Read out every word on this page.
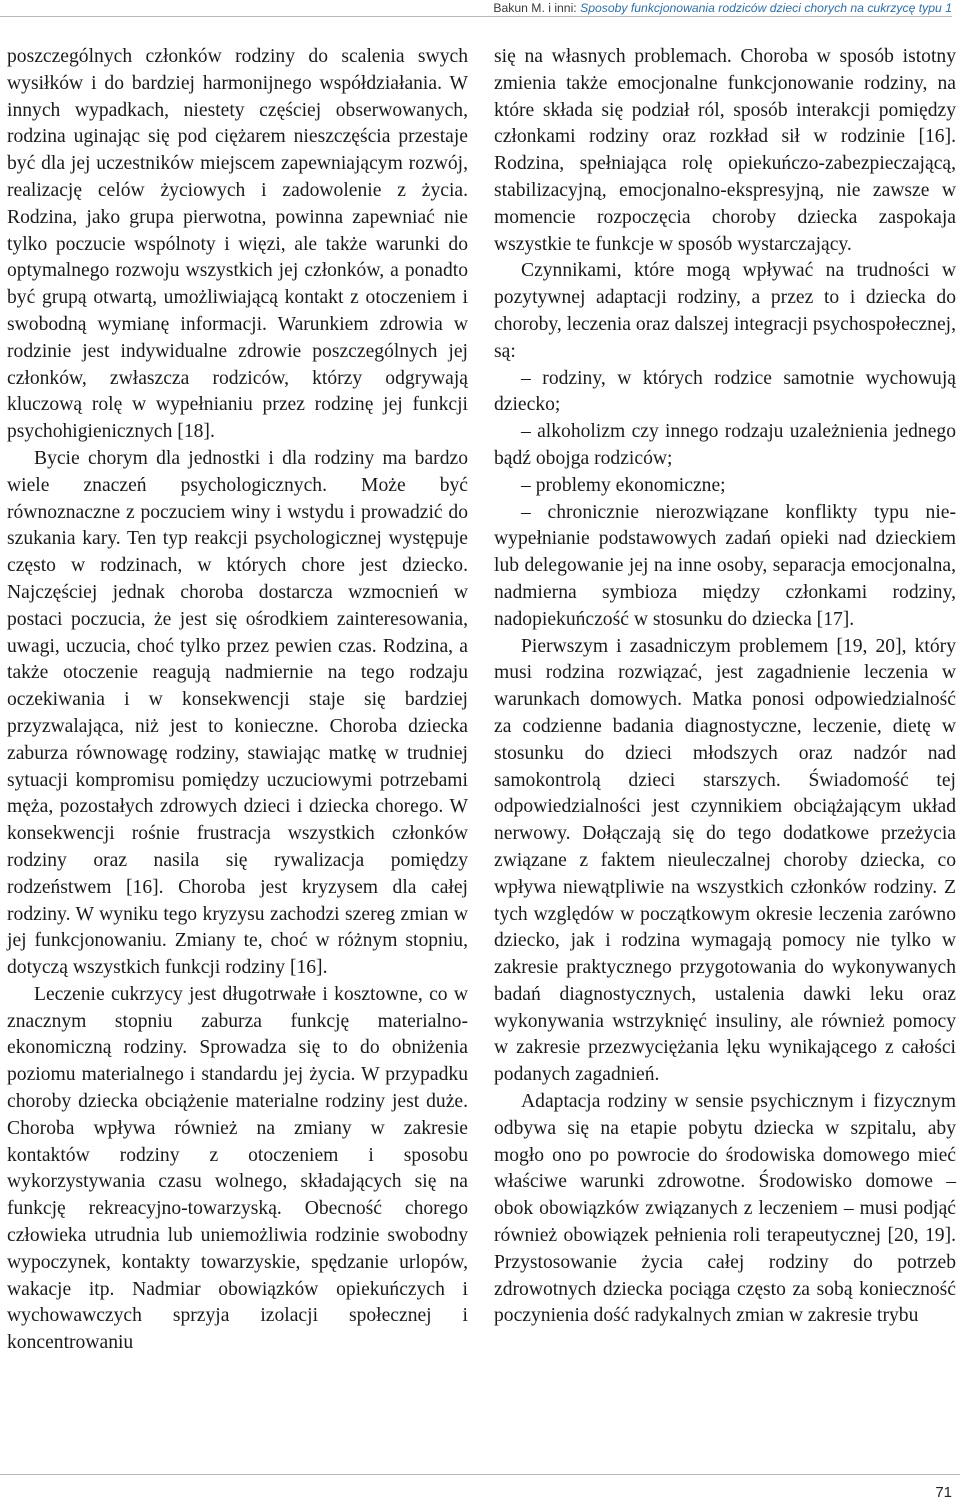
Bakun M. i inni: Sposoby funkcjonowania rodziców dzieci chorych na cukrzycę typu 1

poszczególnych członków rodziny do scalenia swych wysiłków i do bardziej harmonijnego współdziałania. W innych wypadkach, niestety częściej obserwowanych, rodzina uginając się pod ciężarem nieszczęścia przestaje być dla jej uczestników miejscem zapewniającym rozwój, realizację celów życiowych i zadowolenie z życia. Rodzina, jako grupa pierwotna, powinna zapewniać nie tylko poczucie wspólnoty i więzi, ale także warunki do optymalnego rozwoju wszystkich jej członków, a ponadto być grupą otwartą, umożliwiającą kontakt z otoczeniem i swobodną wymianę informacji. Warunkiem zdrowia w rodzinie jest indywidualne zdrowie poszczególnych jej członków, zwłaszcza rodziców, którzy odgrywają kluczową rolę w wypełnianiu przez rodzinę jej funkcji psychohigienicznych [18].

Bycie chorym dla jednostki i dla rodziny ma bardzo wiele znaczeń psychologicznych. Może być równoznaczne z poczuciem winy i wstydu i prowadzić do szukania kary. Ten typ reakcji psychologicznej występuje często w rodzinach, w których chore jest dziecko. Najczęściej jednak choroba dostarcza wzmocnień w postaci poczucia, że jest się ośrodkiem zainteresowania, uwagi, uczucia, choć tylko przez pewien czas. Rodzina, a także otoczenie reagują nadmiernie na tego rodzaju oczekiwania i w konsekwencji staje się bardziej przyzwalająca, niż jest to konieczne. Choroba dziecka zaburza równowagę rodziny, stawiając matkę w trudniej sytuacji kompromisu pomiędzy uczuciowymi potrzebami męża, pozostałych zdrowych dzieci i dziecka chorego. W konsekwencji rośnie frustracja wszystkich członków rodziny oraz nasila się rywalizacja pomiędzy rodzeństwem [16]. Choroba jest kryzysem dla całej rodziny. W wyniku tego kryzysu zachodzi szereg zmian w jej funkcjonowaniu. Zmiany te, choć w różnym stopniu, dotyczą wszystkich funkcji rodziny [16].

Leczenie cukrzycy jest długotrwałe i kosztowne, co w znacznym stopniu zaburza funkcję materialno-ekonomiczną rodziny. Sprowadza się to do obniżenia poziomu materialnego i standardu jej życia. W przypadku choroby dziecka obciążenie materialne rodziny jest duże. Choroba wpływa również na zmiany w zakresie kontaktów rodziny z otoczeniem i sposobu wykorzystywania czasu wolnego, składających się na funkcję rekreacyjno-towarzyską. Obecność chorego człowieka utrudnia lub uniemożliwia rodzinie swobodny wypoczynek, kontakty towarzyskie, spędzanie urlopów, wakacje itp. Nadmiar obowiązków opiekuńczych i wychowawczych sprzyja izolacji społecznej i koncentrowaniu

się na własnych problemach. Choroba w sposób istotny zmienia także emocjonalne funkcjonowanie rodziny, na które składa się podział ról, sposób interakcji pomiędzy członkami rodziny oraz rozkład sił w rodzinie [16]. Rodzina, spełniająca rolę opiekuńczo-zabezpieczającą, stabilizacyjną, emocjonalno-ekspresyjną, nie zawsze w momencie rozpoczęcia choroby dziecka zaspokaja wszystkie te funkcje w sposób wystarczający.

Czynnikami, które mogą wpływać na trudności w pozytywnej adaptacji rodziny, a przez to i dziecka do choroby, leczenia oraz dalszej integracji psychospołecznej, są:

– rodziny, w których rodzice samotnie wychowują dziecko;

– alkoholizm czy innego rodzaju uzależnienia jednego bądź obojga rodziców;

– problemy ekonomiczne;

– chronicznie nierozwiązane konflikty typu niewypełnianie podstawowych zadań opieki nad dzieckiem lub delegowanie jej na inne osoby, separacja emocjonalna, nadmierna symbioza między członkami rodziny, nadopiekuńczość w stosunku do dziecka [17].

Pierwszym i zasadniczym problemem [19, 20], który musi rodzina rozwiązać, jest zagadnienie leczenia w warunkach domowych. Matka ponosi odpowiedzialność za codzienne badania diagnostyczne, leczenie, dietę w stosunku do dzieci młodszych oraz nadzór nad samokontrolą dzieci starszych. Świadomość tej odpowiedzialności jest czynnikiem obciążającym układ nerwowy. Dołączają się do tego dodatkowe przeżycia związane z faktem nieuleczalnej choroby dziecka, co wpływa niewątpliwie na wszystkich członków rodziny. Z tych względów w początkowym okresie leczenia zarówno dziecko, jak i rodzina wymagają pomocy nie tylko w zakresie praktycznego przygotowania do wykonywanych badań diagnostycznych, ustalenia dawki leku oraz wykonywania wstrzyknięć insuliny, ale również pomocy w zakresie przezwyciężania lęku wynikającego z całości podanych zagadnień.

Adaptacja rodziny w sensie psychicznym i fizycznym odbywa się na etapie pobytu dziecka w szpitalu, aby mogło ono po powrocie do środowiska domowego mieć właściwe warunki zdrowotne. Środowisko domowe – obok obowiązków związanych z leczeniem – musi podjąć również obowiązek pełnienia roli terapeutycznej [20, 19]. Przystosowanie życia całej rodziny do potrzeb zdrowotnych dziecka pociąga często za sobą konieczność poczynienia dość radykalnych zmian w zakresie trybu

71
